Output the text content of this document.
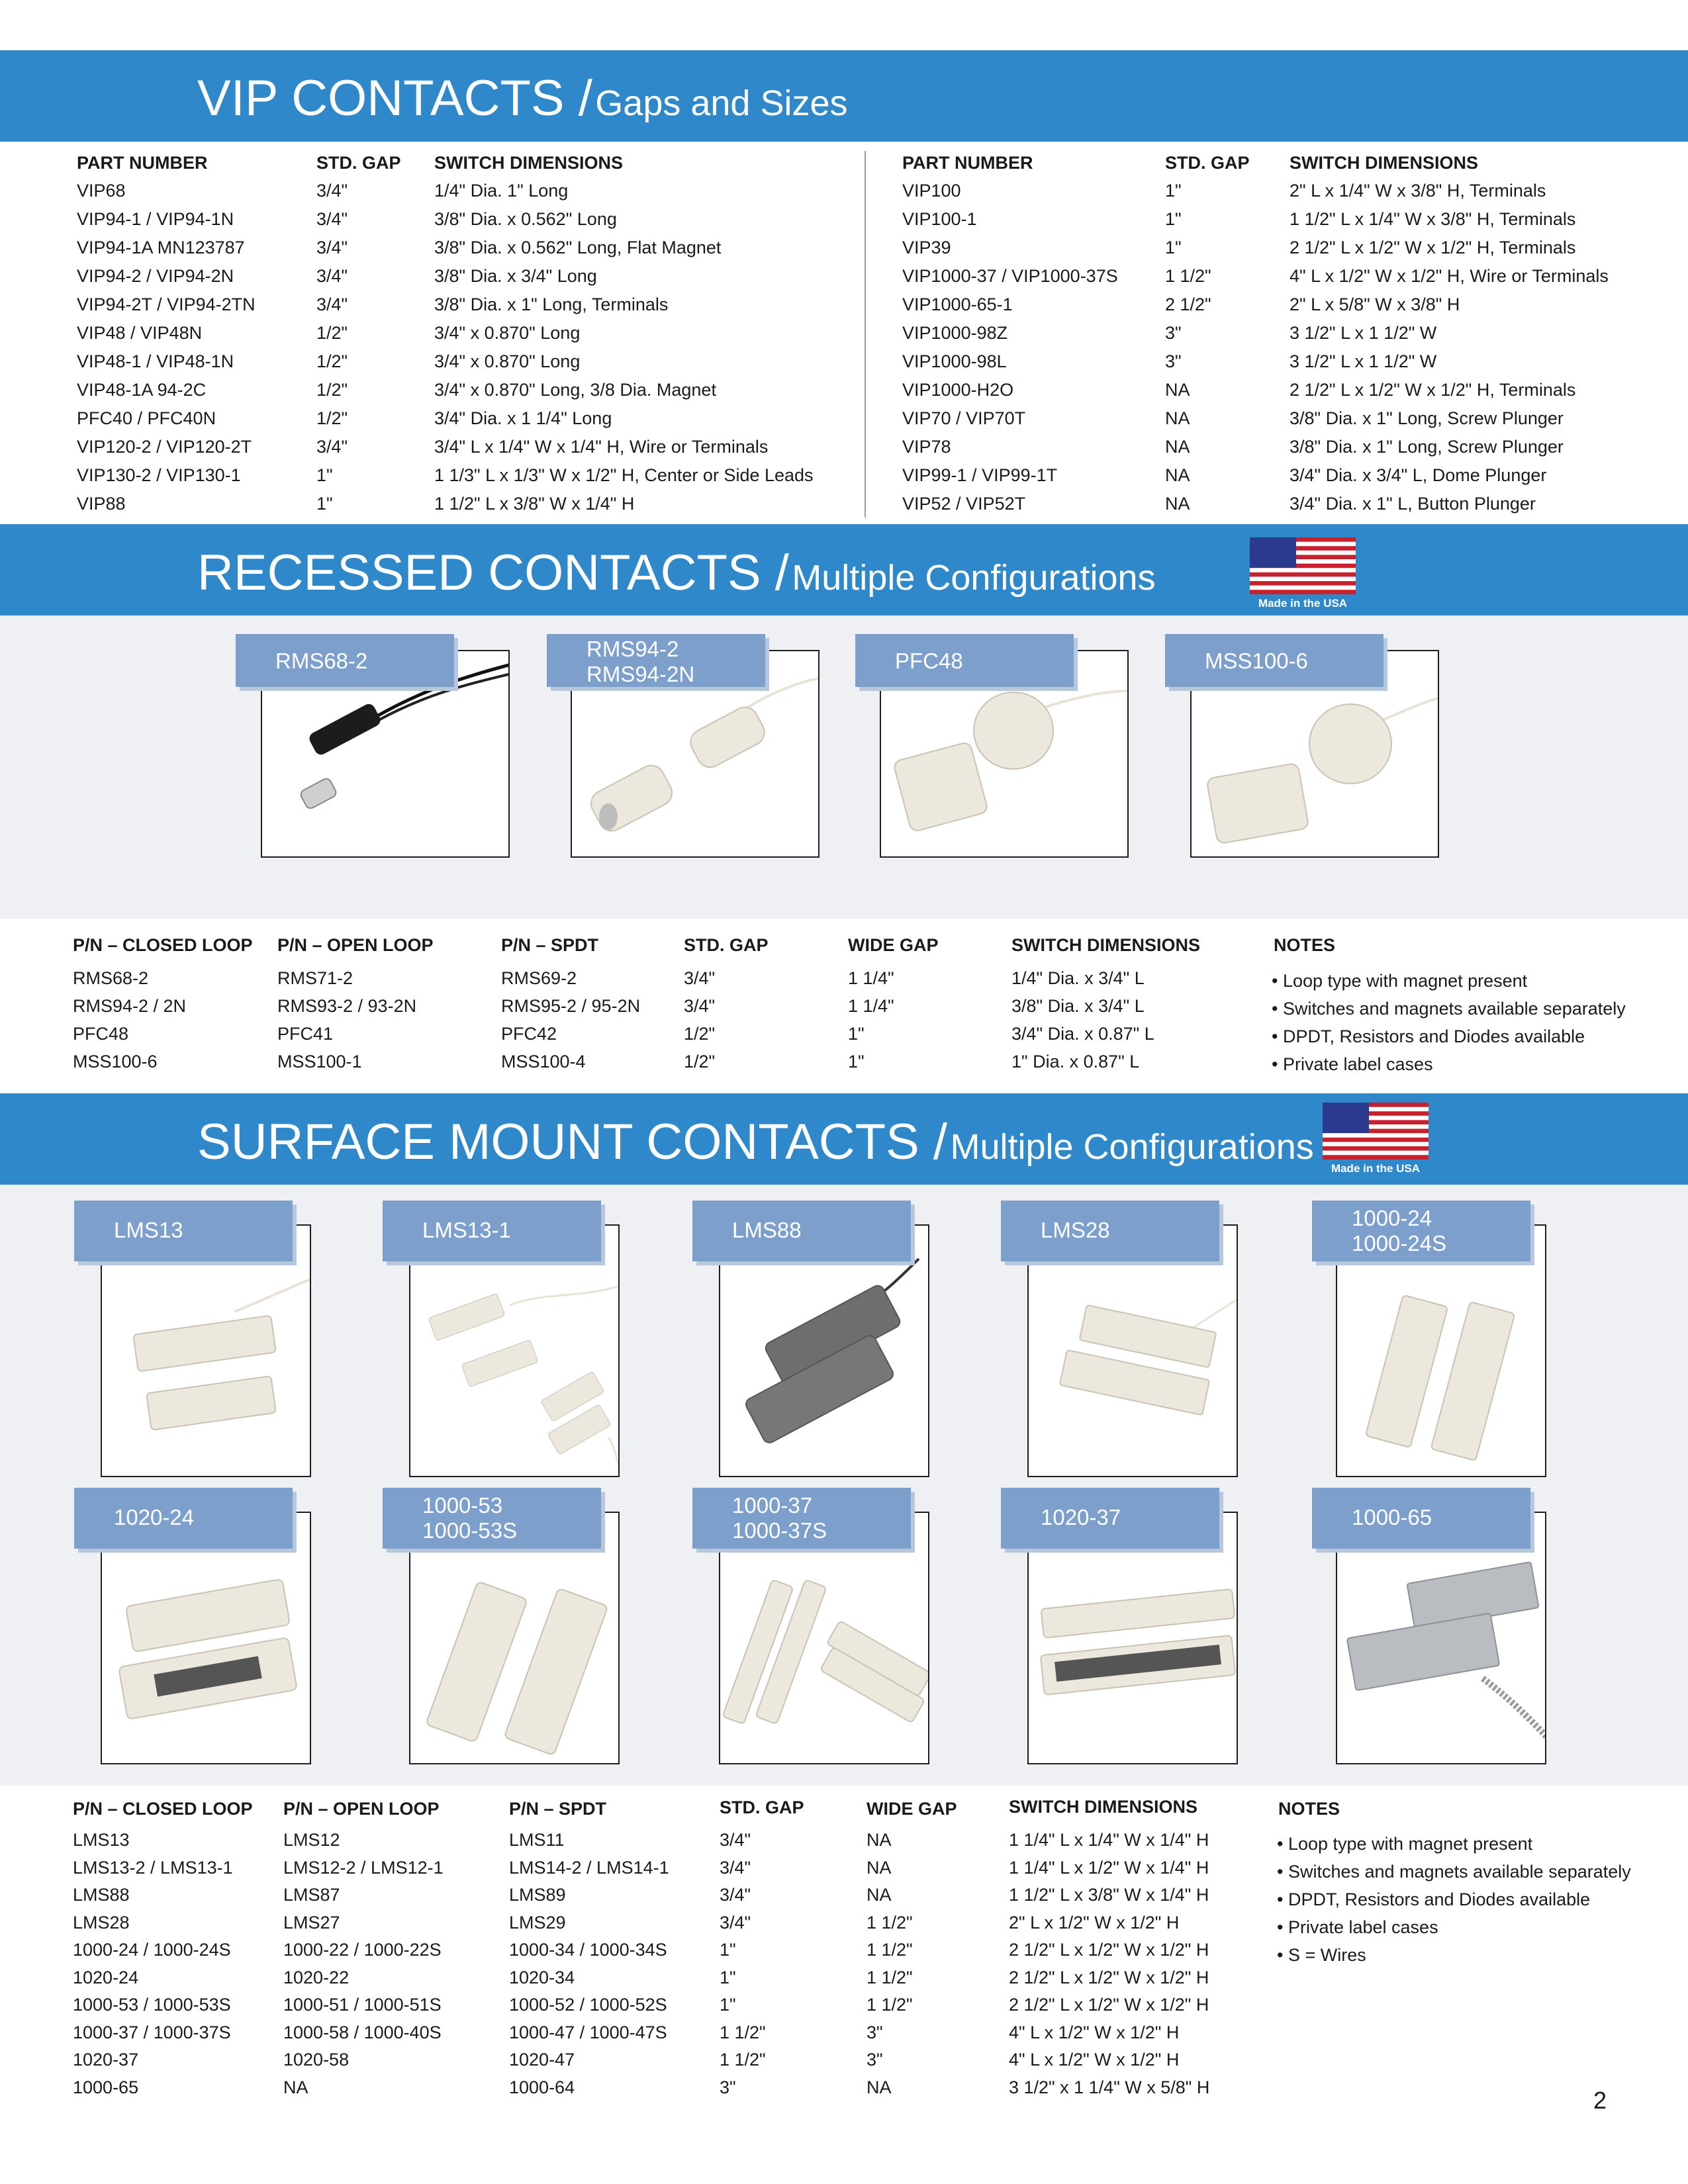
VIP CONTACTS / Gaps and Sizes
PART NUMBER	STD. GAP	SWITCH DIMENSIONS
VIP68	3/4"	1/4" Dia. 1" Long
VIP94-1 / VIP94-1N	3/4"	3/8" Dia. x 0.562" Long
VIP94-1A MN123787	3/4"	3/8" Dia. x 0.562" Long, Flat Magnet
VIP94-2 / VIP94-2N	3/4"	3/8" Dia. x 3/4" Long
VIP94-2T / VIP94-2TN	3/4"	3/8" Dia. x 1" Long, Terminals
VIP48 / VIP48N	1/2"	3/4" x 0.870" Long
VIP48-1 / VIP48-1N	1/2"	3/4" x 0.870" Long
VIP48-1A 94-2C	1/2"	3/4" x 0.870" Long, 3/8 Dia. Magnet
PFC40 / PFC40N	1/2"	3/4" Dia. x 1 1/4" Long
VIP120-2 / VIP120-2T	3/4"	3/4" L x 1/4" W x 1/4" H, Wire or Terminals
VIP130-2 / VIP130-1	1"	1 1/3" L x 1/3" W x 1/2" H, Center or Side Leads
VIP88	1"	1 1/2" L x 3/8" W x 1/4" H
PART NUMBER	STD. GAP	SWITCH DIMENSIONS
VIP100	1"	2" L x 1/4" W x 3/8" H, Terminals
VIP100-1	1"	1 1/2" L x 1/4" W x 3/8" H, Terminals
VIP39	1"	2 1/2" L x 1/2" W x 1/2" H, Terminals
VIP1000-37 / VIP1000-37S	1 1/2"	4" L x 1/2" W x 1/2" H, Wire or Terminals
VIP1000-65-1	2 1/2"	2" L x 5/8" W x 3/8" H
VIP1000-98Z	3"	3 1/2" L x 1 1/2" W
VIP1000-98L	3"	3 1/2" L x 1 1/2" W
VIP1000-H2O	NA	2 1/2" L x 1/2" W x 1/2" H, Terminals
VIP70 / VIP70T	NA	3/8" Dia. x 1" Long, Screw Plunger
VIP78	NA	3/8" Dia. x 1" Long, Screw Plunger
VIP99-1 / VIP99-1T	NA	3/4" Dia. x 3/4" L, Dome Plunger
VIP52 / VIP52T	NA	3/4" Dia. x 1" L, Button Plunger
RECESSED CONTACTS / Multiple Configurations
Made in the USA
RMS68-2	RMS94-2
RMS94-2N
PFC48	MSS100-6
P/N – CLOSED LOOP P/N – OPEN LOOP	P/N – SPDT	STD. GAP	WIDE GAP	SWITCH DIMENSIONS	NOTES
RMS68-2	RMS71-2	RMS69-2	3/4"	1 1/4"	1/4" Dia. x 3/4" L
RMS94-2 / 2N	RMS93-2 / 93-2N	RMS95-2 / 95-2N 3/4"	1 1/4"	3/8" Dia. x 3/4" L
PFC48	PFC41	PFC42	1/2"	1"	3/4" Dia. x 0.87" L
MSS100-6	MSS100-1	MSS100-4	1/2"	1"	1" Dia. x 0.87" L
• Loop type with magnet present
• Switches and magnets available separately
• DPDT, Resistors and Diodes available
• Private label cases
SURFACE MOUNT CONTACTS / Multiple Configurations
Made in the USA
LMS13	LMS13-1	LMS88	LMS28	1000-24
1000-24S
1020-24	1000-53
1000-53S
1000-37
1000-37S
1020-37	1000-65
P/N – CLOSED LOOP P/N – OPEN LOOP	P/N – SPDT	STD. GAP	WIDE GAP	SWITCH DIMENSIONS	NOTES
LMS13	LMS12	LMS11	3/4"	NA	1 1/4" L x 1/4" W x 1/4" H
LMS13-2 / LMS13-1	LMS12-2 / LMS12-1	LMS14-2 / LMS14-1	3/4"	NA	1 1/4" L x 1/2" W x 1/4" H
LMS88	LMS87	LMS89	3/4"	NA	1 1/2" L x 3/8" W x 1/4" H
LMS28	LMS27	LMS29	3/4"	1 1/2"	2" L x 1/2" W x 1/2" H
1000-24 / 1000-24S	1000-22 / 1000-22S	1000-34 / 1000-34S	1"	1 1/2"	2 1/2" L x 1/2" W x 1/2" H
1020-24	1020-22	1020-34	1"	1 1/2"	2 1/2" L x 1/2" W x 1/2" H
1000-53 / 1000-53S	1000-51 / 1000-51S	1000-52 / 1000-52S	1"	1 1/2"	2 1/2" L x 1/2" W x 1/2" H
1000-37 / 1000-37S	1000-58 / 1000-40S	1000-47 / 1000-47S	1 1/2"	3"	4" L x 1/2" W x 1/2" H
1020-37	1020-58	1020-47	1 1/2"	3"	4" L x 1/2" W x 1/2" H
1000-65	NA	1000-64	3"	NA	3 1/2" x 1 1/4" W x 5/8" H
• Loop type with magnet present
• Switches and magnets available separately
• DPDT, Resistors and Diodes available
• Private label cases
• S = Wires
2
